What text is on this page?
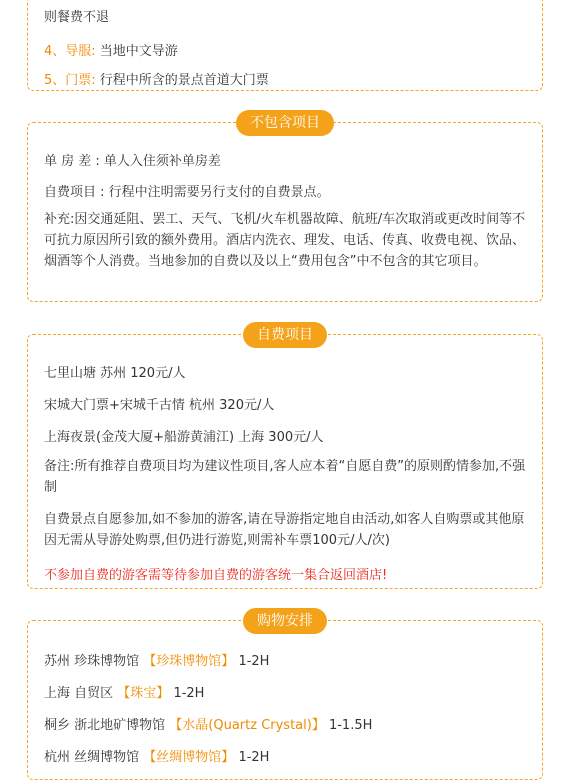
则餐费不退
4、导服: 当地中文导游
5、门票: 行程中所含的景点首道大门票
不包含项目
单 房 差 : 单人入住须补单房差
自费项目 : 行程中注明需要另行支付的自费景点。
补充:因交通延阻、罢工、天气、飞机/火车机器故障、航班/车次取消或更改时间等不可抗力原因所引致的额外费用。酒店内洗衣、理发、电话、传真、收费电视、饮品、烟酒等个人消费。当地参加的自费以及以上“费用包含”中不包含的其它项目。
自费项目
七里山塘 苏州 120元/人
宋城大门票+宋城千古情 杭州 320元/人
上海夜景(金茂大厦+船游黄浦江) 上海 300元/人
备注:所有推荐自费项目均为建议性项目,客人应本着“自愿自费”的原则酌情参加,不强制
自费景点自愿参加,如不参加的游客,请在导游指定地自由活动,如客人自购票或其他原因无需从导游处购票,但仍进行游览,则需补车票100元/人/次)
不参加自费的游客需等待参加自费的游客统一集合返回酒店!
购物安排
苏州 珍珠博物馆 【珍珠博物馆】 1-2H
上海 自贸区 【珠宝】 1-2H
桐乡 浙北地矿博物馆 【水晶(Quartz Crystal)】 1-1.5H
杭州 丝绸博物馆 【丝绸博物馆】 1-2H
